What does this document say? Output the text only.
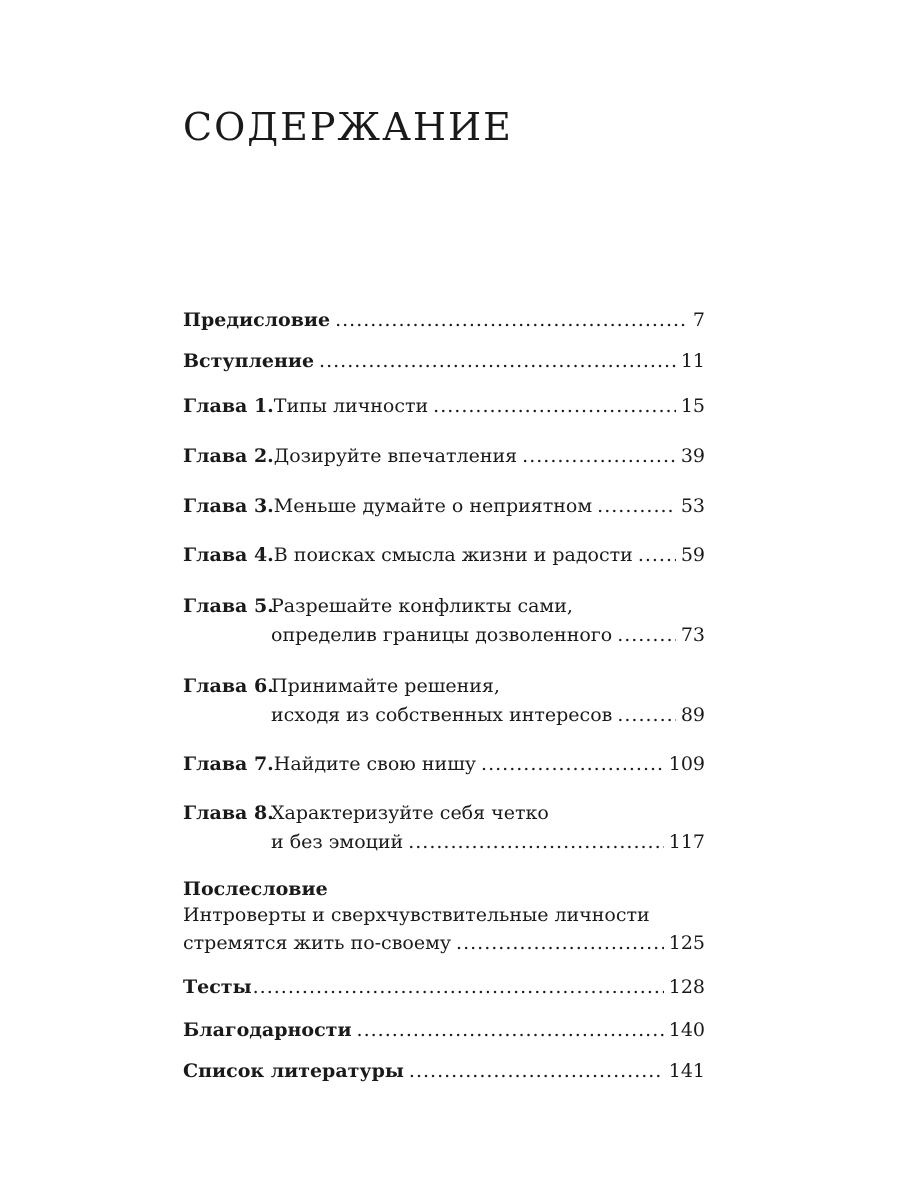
СОДЕРЖАНИЕ
Предисловие .....	7
Вступление .....	11
Глава 1. Типы личности .....	15
Глава 2. Дозируйте впечатления .....	39
Глава 3. Меньше думайте о неприятном .....	53
Глава 4. В поисках смысла жизни и радости .....	59
Глава 5.Разрешайте конфликты сами,
определив границы дозволенного .....	73
Глава 6.Принимайте решения,
исходя из собственных интересов .....	89
Глава 7. Найдите свою нишу .....	109
Глава 8.Характеризуйте себя четко
и без эмоций .....	117
Послесловие
Интроверты и сверхчувствительные личности
стремятся жить по-своему .....	125
Тесты .....	128
Благодарности .....	140
Список литературы .....	141
